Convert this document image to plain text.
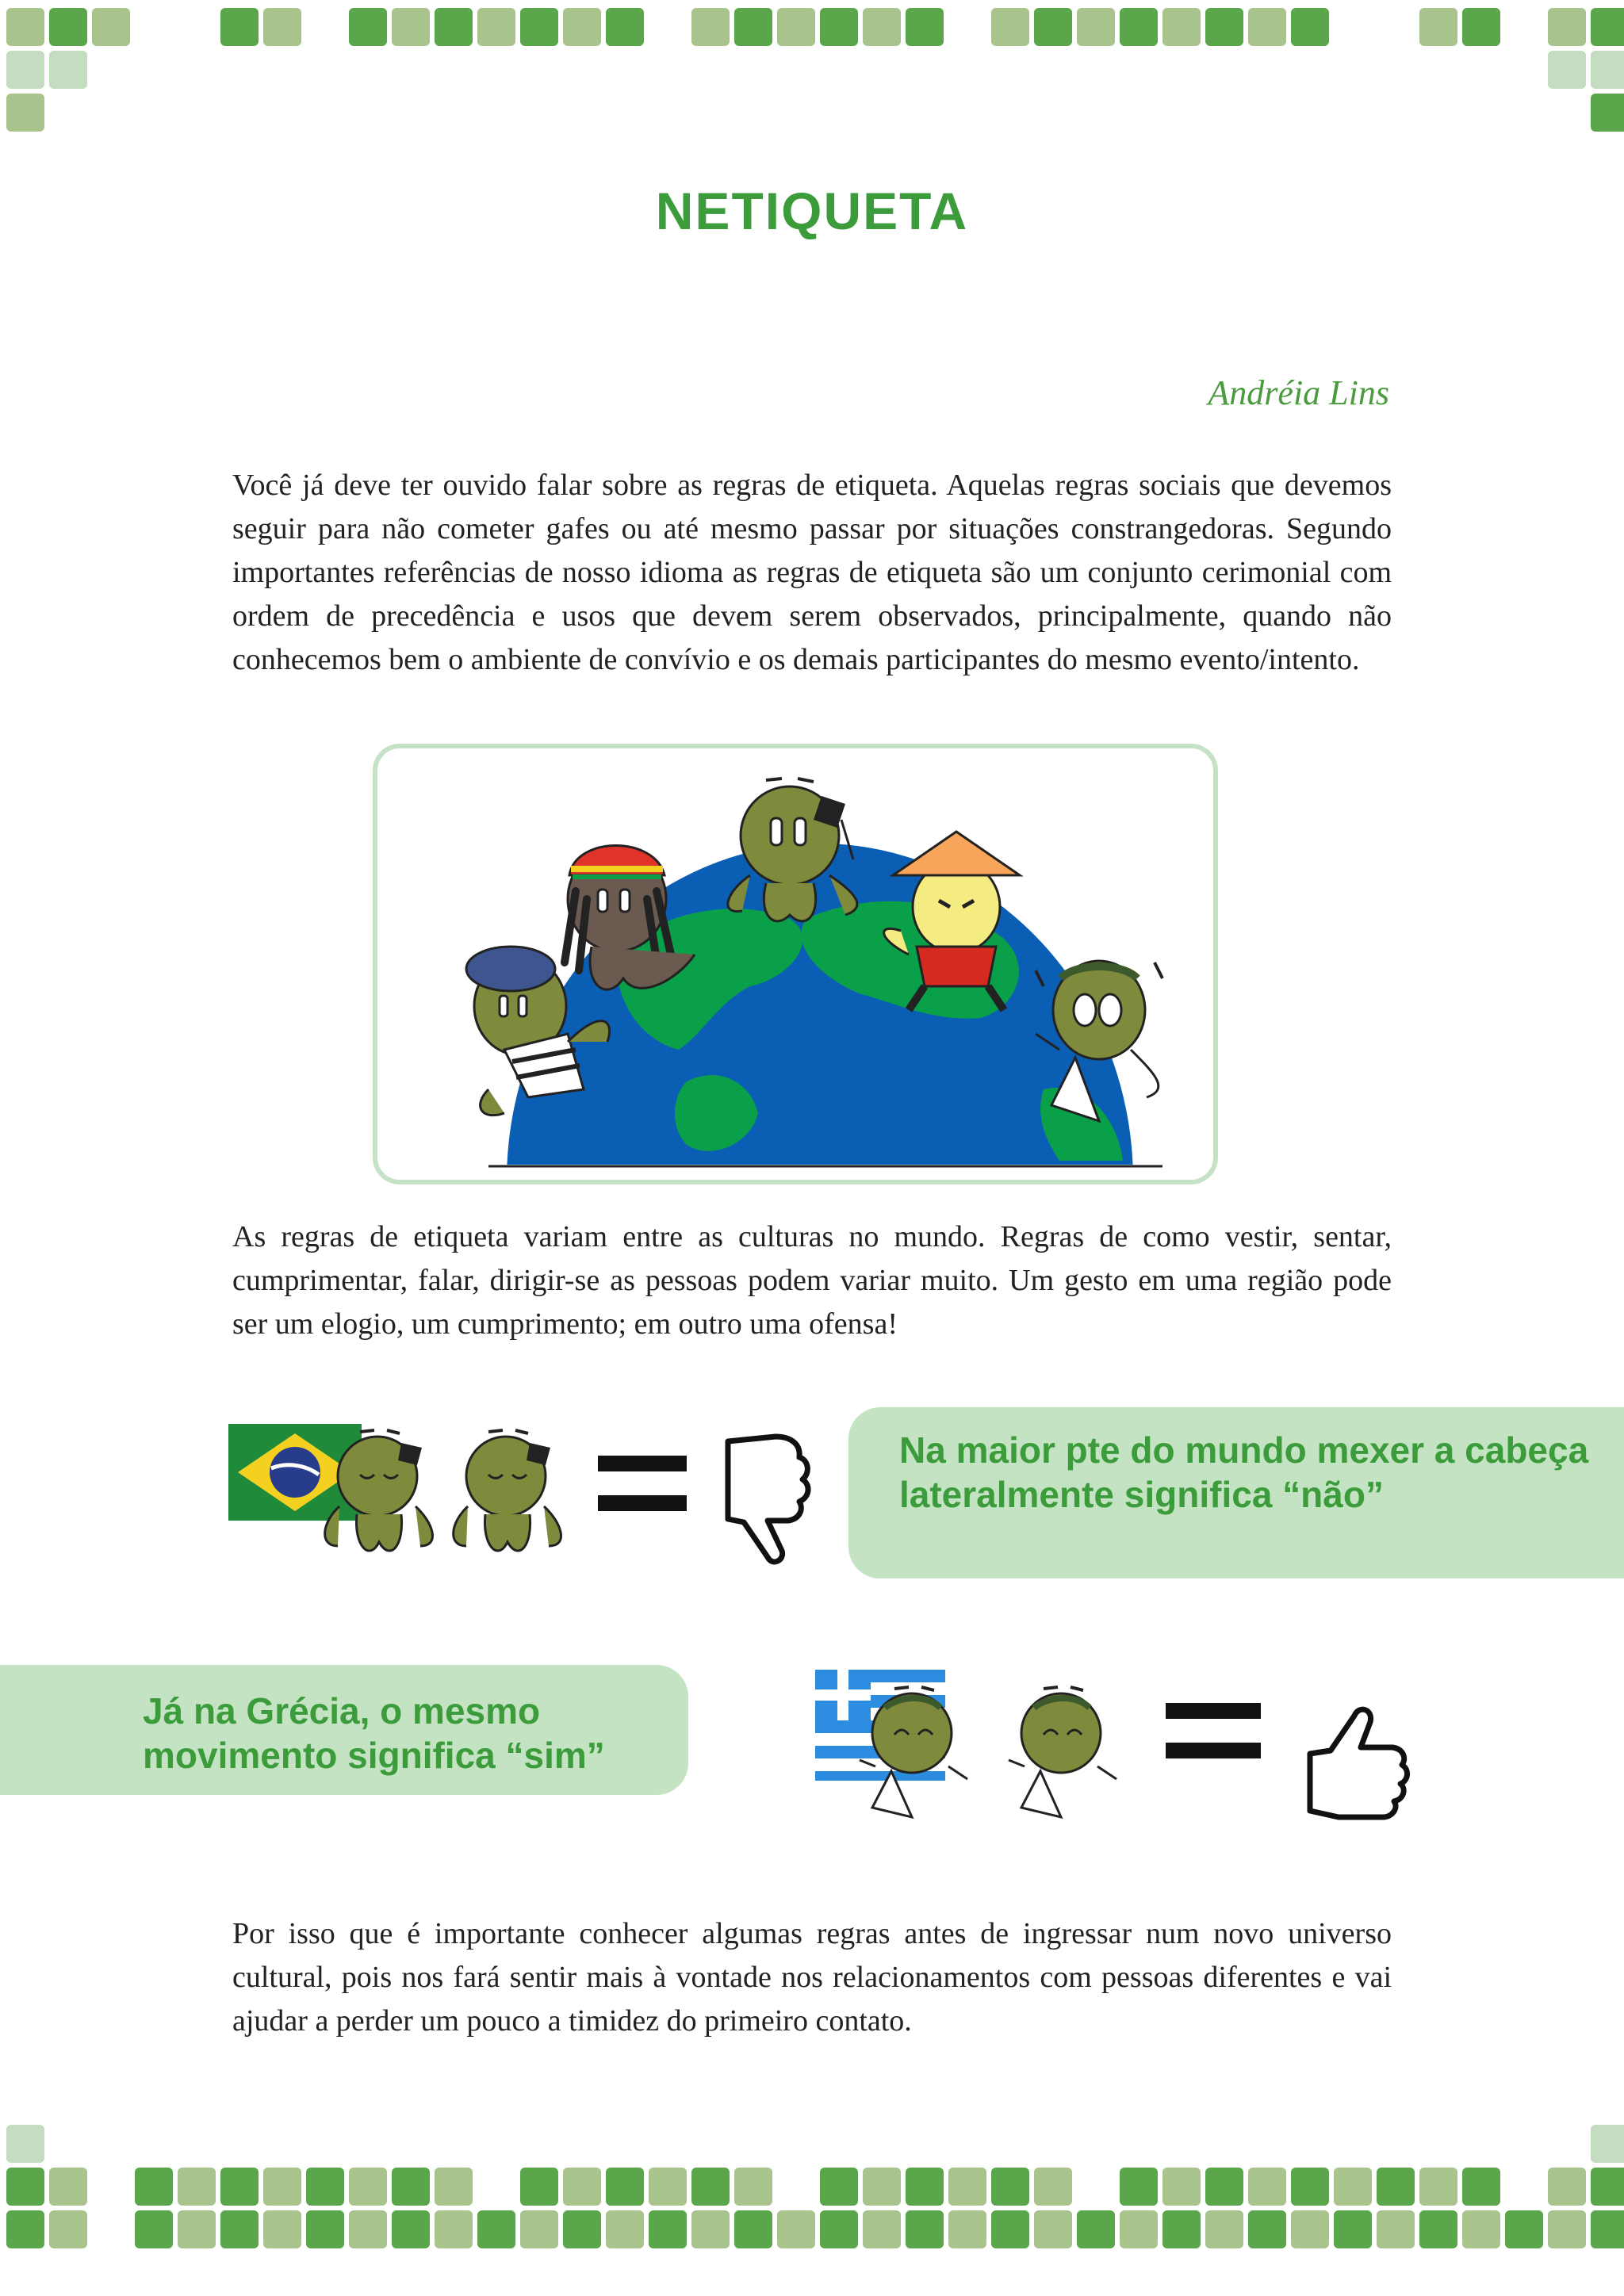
NETIQUETA
Andréia Lins

Você já deve ter ouvido falar sobre as regras de etiqueta. Aquelas regras sociais que devemos seguir para não cometer gafes ou até mesmo passar por situações constrangedoras. Segundo importantes referências de nosso idioma as regras de etiqueta são um conjunto cerimonial com ordem de precedência e usos que devem serem observados, principalmente, quando não conhecemos bem o ambiente de convívio e os demais participantes do mesmo evento/intento.

As regras de etiqueta variam entre as culturas no mundo. Regras de como vestir, sentar, cumprimentar, falar, dirigir-se as pessoas podem variar muito. Um gesto em uma região pode ser um elogio, um cumprimento; em outro uma ofensa!

Na maior pte do mundo mexer a cabeça lateralmente significa “não”
Já na Grécia, o mesmo movimento significa “sim”

Por isso que é importante conhecer algumas regras antes de ingressar num novo universo cultural, pois nos fará sentir mais à vontade nos relacionamentos com pessoas diferentes e vai ajudar a perder um pouco a timidez do primeiro contato.
